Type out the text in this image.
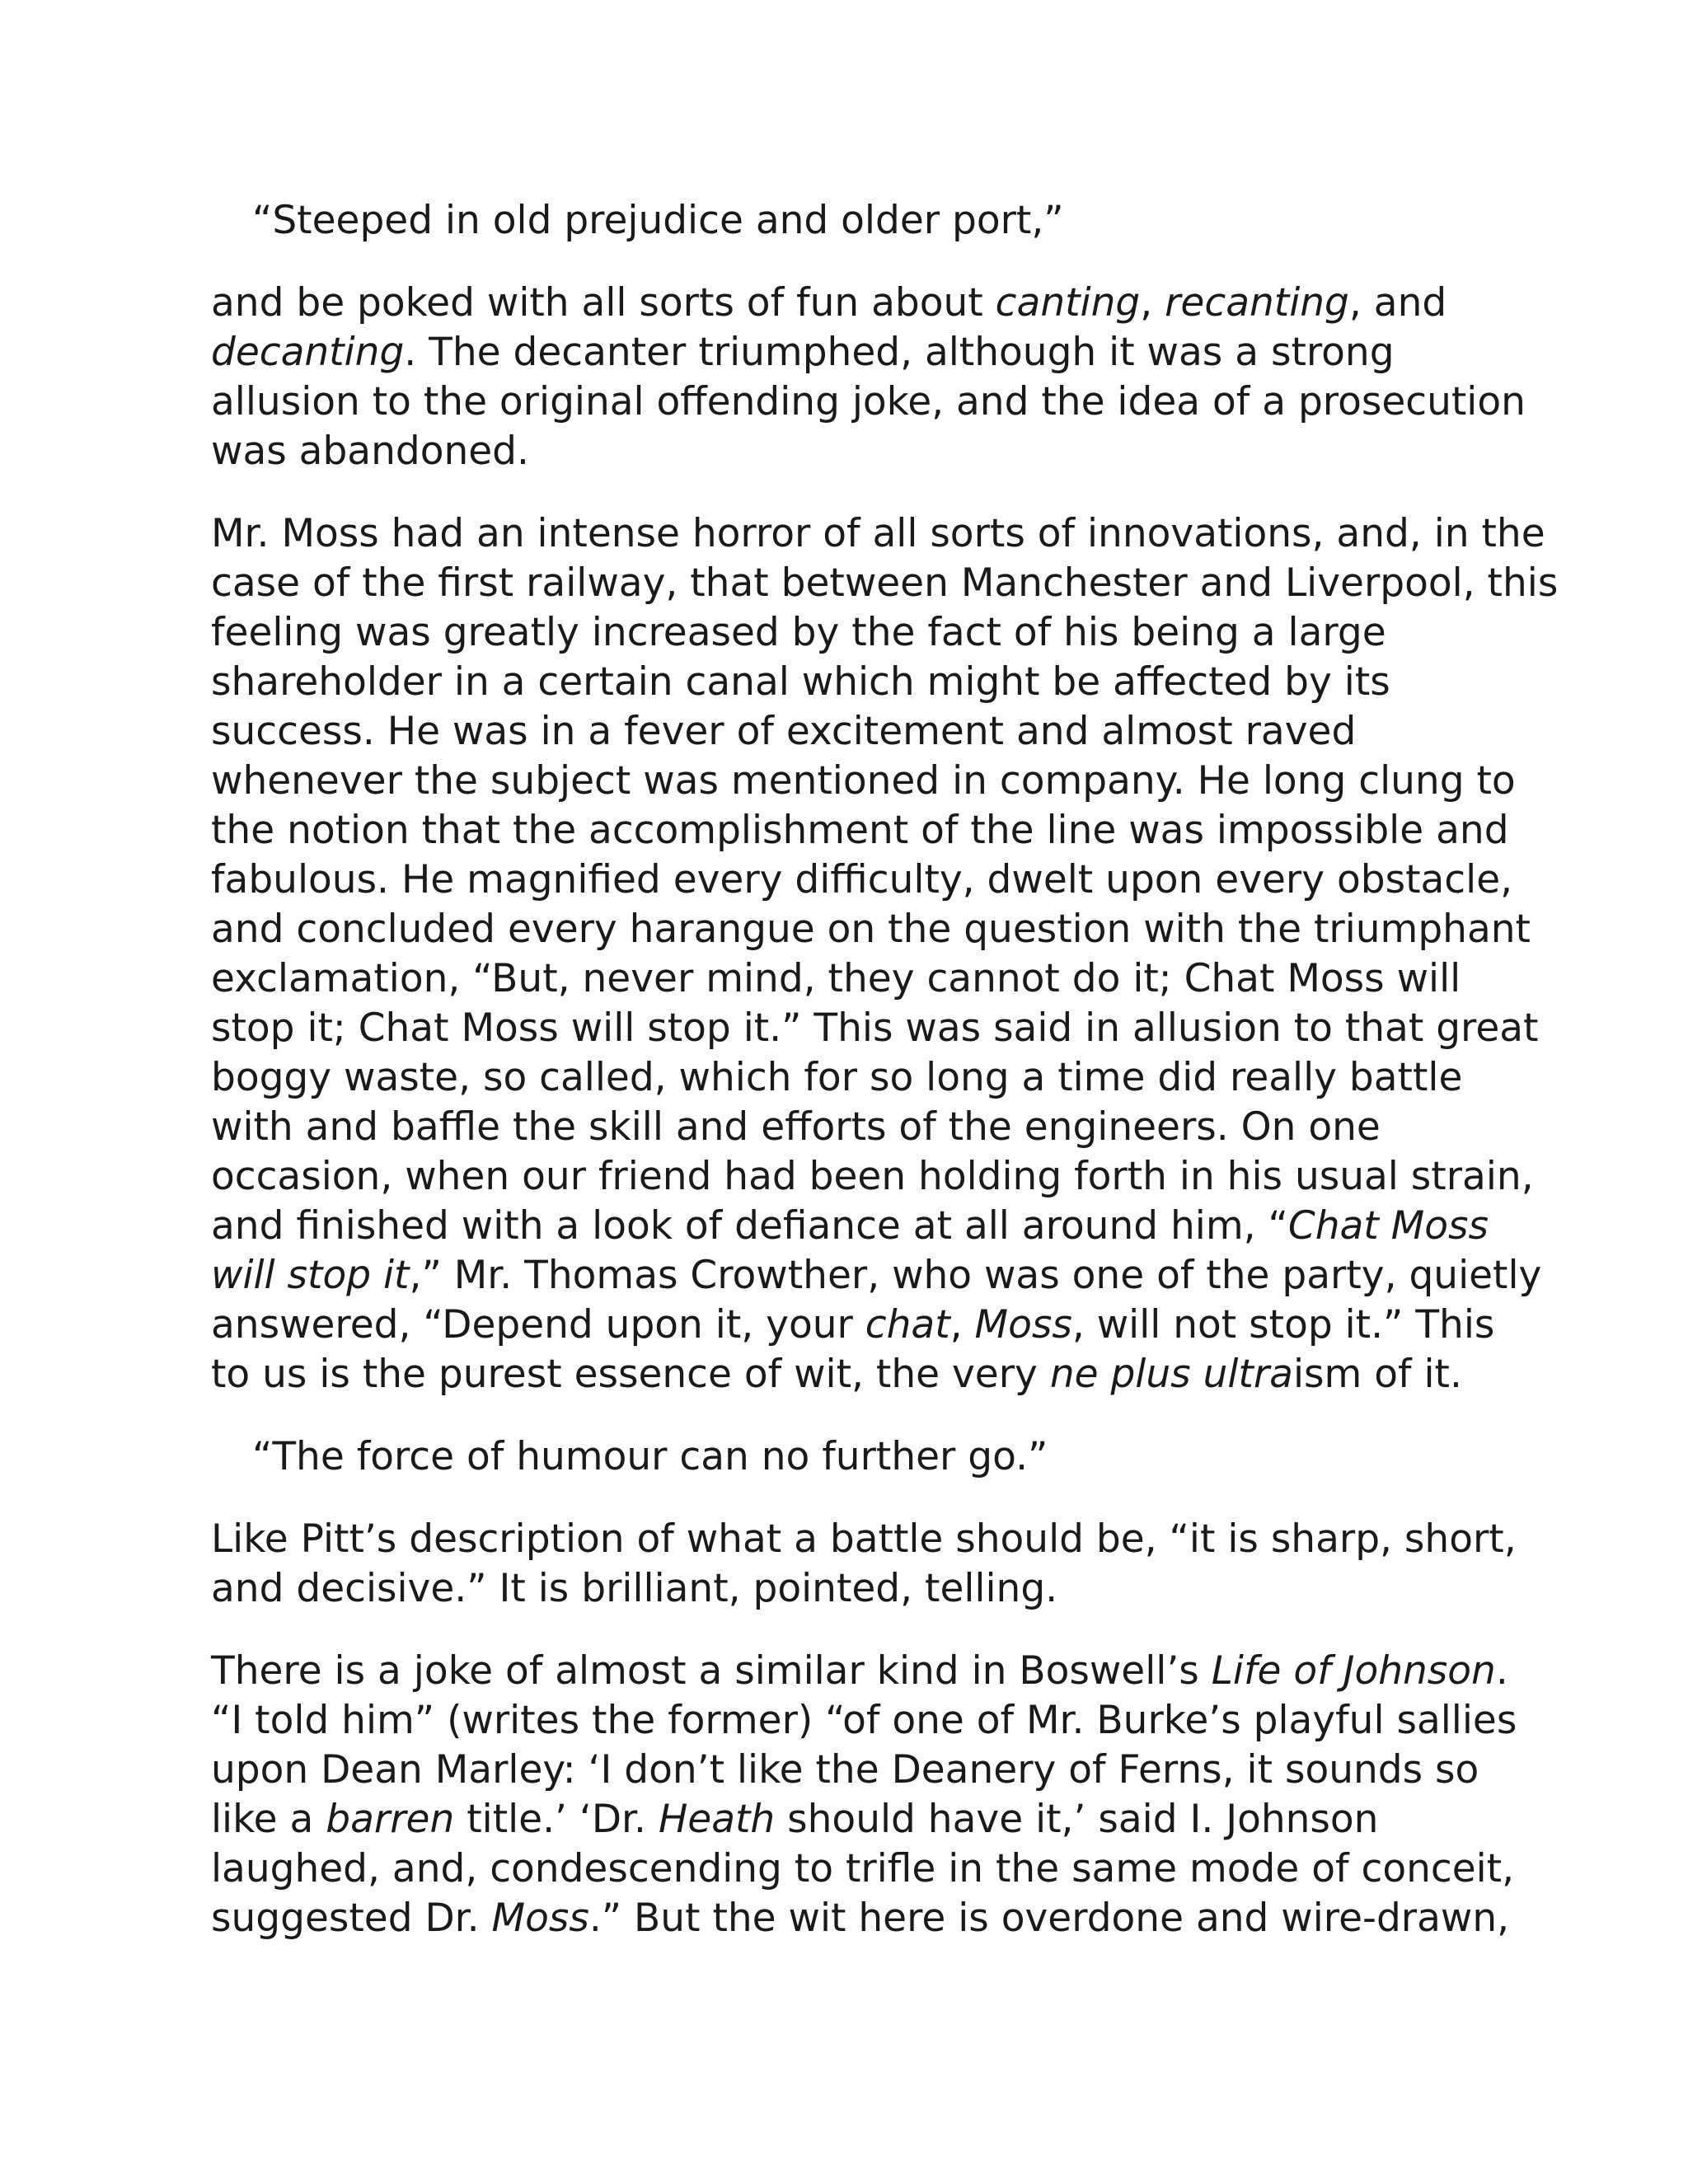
“Steeped in old prejudice and older port,”
and be poked with all sorts of fun about canting, recanting, and
decanting. The decanter triumphed, although it was a strong
allusion to the original offending joke, and the idea of a prosecution
was abandoned.
Mr. Moss had an intense horror of all sorts of innovations, and, in the
case of the first railway, that between Manchester and Liverpool, this
feeling was greatly increased by the fact of his being a large
shareholder in a certain canal which might be affected by its
success. He was in a fever of excitement and almost raved
whenever the subject was mentioned in company. He long clung to
the notion that the accomplishment of the line was impossible and
fabulous. He magnified every difficulty, dwelt upon every obstacle,
and concluded every harangue on the question with the triumphant
exclamation, “But, never mind, they cannot do it; Chat Moss will
stop it; Chat Moss will stop it.” This was said in allusion to that great
boggy waste, so called, which for so long a time did really battle
with and baffle the skill and efforts of the engineers. On one
occasion, when our friend had been holding forth in his usual strain,
and finished with a look of defiance at all around him, “Chat Moss
will stop it,” Mr. Thomas Crowther, who was one of the party, quietly
answered, “Depend upon it, your chat, Moss, will not stop it.” This
to us is the purest essence of wit, the very ne plus ultraism of it.
“The force of humour can no further go.”
Like Pitt’s description of what a battle should be, “it is sharp, short,
and decisive.” It is brilliant, pointed, telling.
There is a joke of almost a similar kind in Boswell’s Life of Johnson.
“I told him” (writes the former) “of one of Mr. Burke’s playful sallies
upon Dean Marley: ‘I don’t like the Deanery of Ferns, it sounds so
like a barren title.’ ‘Dr. Heath should have it,’ said I. Johnson
laughed, and, condescending to trifle in the same mode of conceit,
suggested Dr. Moss.” But the wit here is overdone and wire-drawn,
